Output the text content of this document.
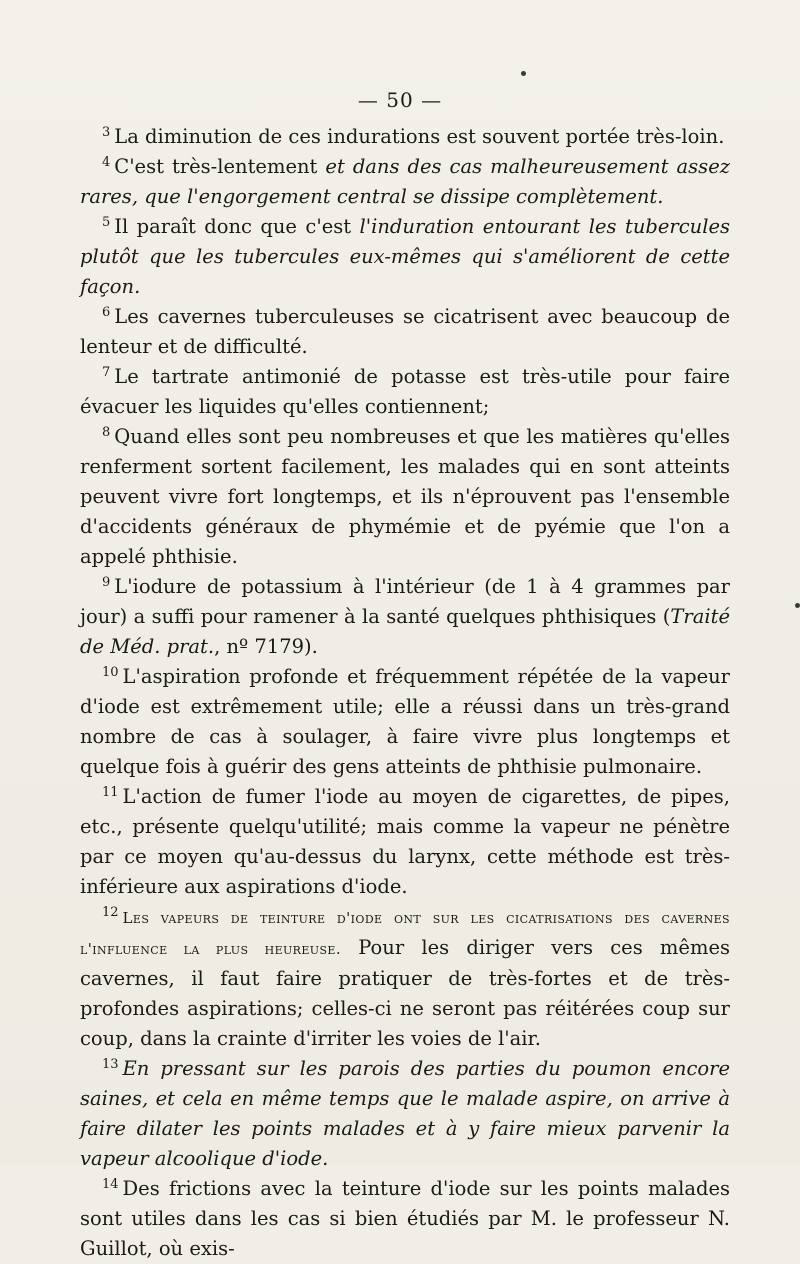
— 50 —

$^3$ La diminution de ces indurations est souvent portée très-loin.

$^4$ C'est très-lentement et dans des cas malheureusement assez rares, que l'engorgement central se dissipe complètement.

$^5$ Il paraît donc que c'est l'induration entourant les tubercules plutôt que les tubercules eux-mêmes qui s'améliorent de cette façon.

$^6$ Les cavernes tuberculeuses se cicatrisent avec beaucoup de lenteur et de difficulté.

$^7$ Le tartrate antimonié de potasse est très-utile pour faire évacuer les liquides qu'elles contiennent;

$^8$ Quand elles sont peu nombreuses et que les matières qu'elles renferment sortent facilement, les malades qui en sont atteints peuvent vivre fort longtemps, et ils n'éprouvent pas l'ensemble d'accidents généraux de phymémie et de pyémie que l'on a appelé phthisie.

$^9$ L'iodure de potassium à l'intérieur (de 1 à 4 grammes par jour) a suffi pour ramener à la santé quelques phthisiques (Traité de Méd. prat., nº 7179).

$^{10}$ L'aspiration profonde et fréquemment répétée de la vapeur d'iode est extrêmement utile; elle a réussi dans un très-grand nombre de cas à soulager, à faire vivre plus longtemps et quelque fois à guérir des gens atteints de phthisie pulmonaire.

$^{11}$ L'action de fumer l'iode au moyen de cigarettes, de pipes, etc., présente quelqu'utilité; mais comme la vapeur ne pénètre par ce moyen qu'au-dessus du larynx, cette méthode est très-inférieure aux aspirations d'iode.

$^{12}$ Les vapeurs de teinture d'iode ont sur les cicatrisations des cavernes l'influence la plus heureuse. Pour les diriger vers ces mêmes cavernes, il faut faire pratiquer de très-fortes et de très-profondes aspirations; celles-ci ne seront pas réitérées coup sur coup, dans la crainte d'irriter les voies de l'air.

$^{13}$ En pressant sur les parois des parties du poumon encore saines, et cela en même temps que le malade aspire, on arrive à faire dilater les points malades et à y faire mieux parvenir la vapeur alcoolique d'iode.

$^{14}$ Des frictions avec la teinture d'iode sur les points malades sont utiles dans les cas si bien étudiés par M. le professeur N. Guillot, où exis-
